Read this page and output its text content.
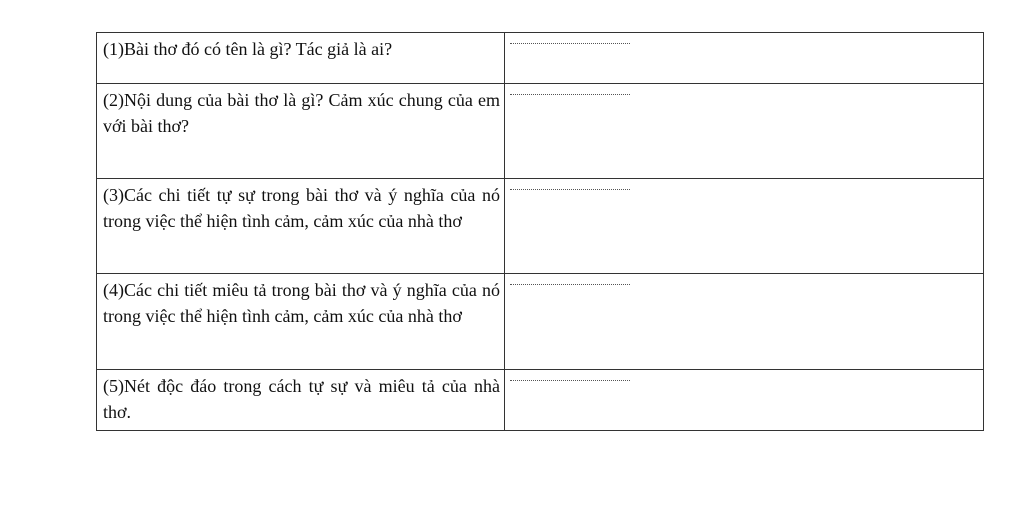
(1)Bài thơ đó có tên là gì? Tác giả là ai?	

(2)Nội dung của bài thơ là gì? Cảm xúc chung của em với bài thơ?	

(3)Các chi tiết tự sự trong bài thơ và ý nghĩa của nó trong việc thể hiện tình cảm, cảm xúc của nhà thơ	

(4)Các chi tiết miêu tả trong bài thơ và ý nghĩa của nó trong việc thể hiện tình cảm, cảm xúc của nhà thơ	

(5)Nét độc đáo trong cách tự sự và miêu tả của nhà thơ.	
